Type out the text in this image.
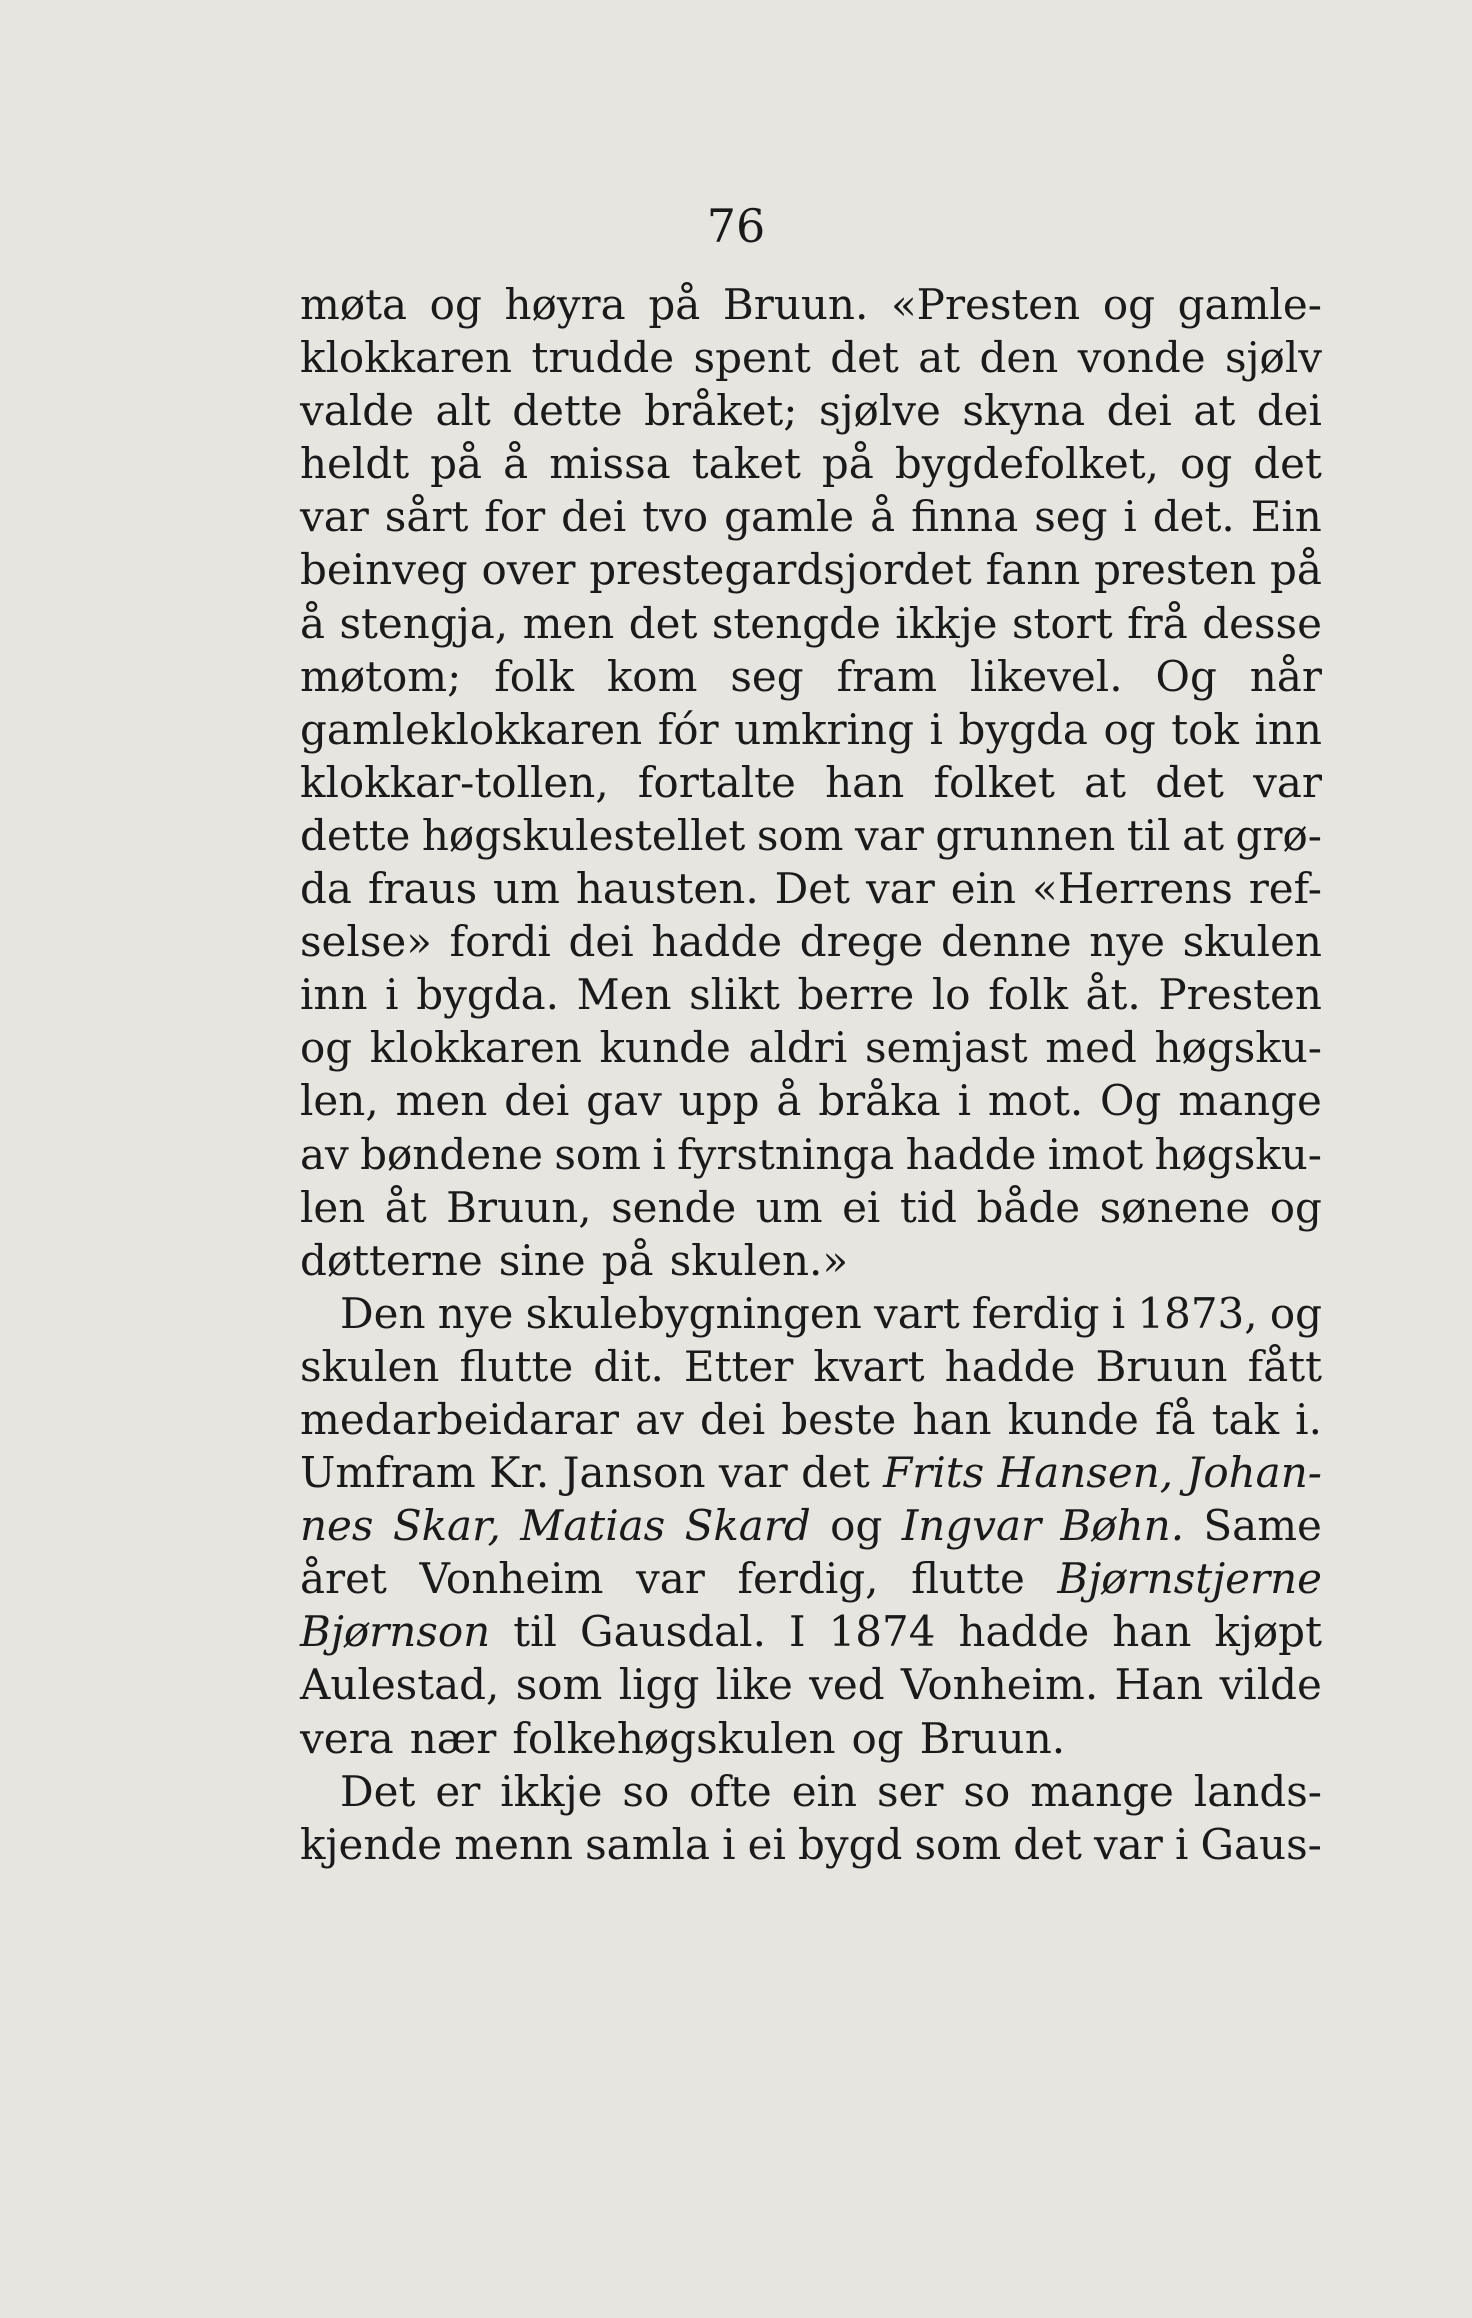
76
møta og høyra på Bruun. «Presten og gamle-
klokkaren trudde spent det at den vonde sjølv
valde alt dette bråket; sjølve skyna dei at dei
heldt på å missa taket på bygdefolket, og det
var sårt for dei tvo gamle å finna seg i det. Ein
beinveg over prestegardsjordet fann presten på
å stengja, men det stengde ikkje stort frå desse
møtom; folk kom seg fram likevel. Og når
gamleklokkaren fór umkring i bygda og tok inn
klokkar-tollen, fortalte han folket at det var
dette høgskulestellet som var grunnen til at grø-
da fraus um hausten. Det var ein «Herrens ref-
selse» fordi dei hadde drege denne nye skulen
inn i bygda. Men slikt berre lo folk åt. Presten
og klokkaren kunde aldri semjast med høgsku-
len, men dei gav upp å bråka i mot. Og mange
av bøndene som i fyrstninga hadde imot høgsku-
len åt Bruun, sende um ei tid både sønene og
døtterne sine på skulen.»
Den nye skulebygningen vart ferdig i 1873, og
skulen flutte dit. Etter kvart hadde Bruun fått
medarbeidarar av dei beste han kunde få tak i.
Umfram Kr. Janson var det Frits Hansen, Johan-
nes Skar, Matias Skard og Ingvar Bøhn. Same
året Vonheim var ferdig, flutte Bjørnstjerne
Bjørnson til Gausdal. I 1874 hadde han kjøpt
Aulestad, som ligg like ved Vonheim. Han vilde
vera nær folkehøgskulen og Bruun.
Det er ikkje so ofte ein ser so mange lands-
kjende menn samla i ei bygd som det var i Gaus-
